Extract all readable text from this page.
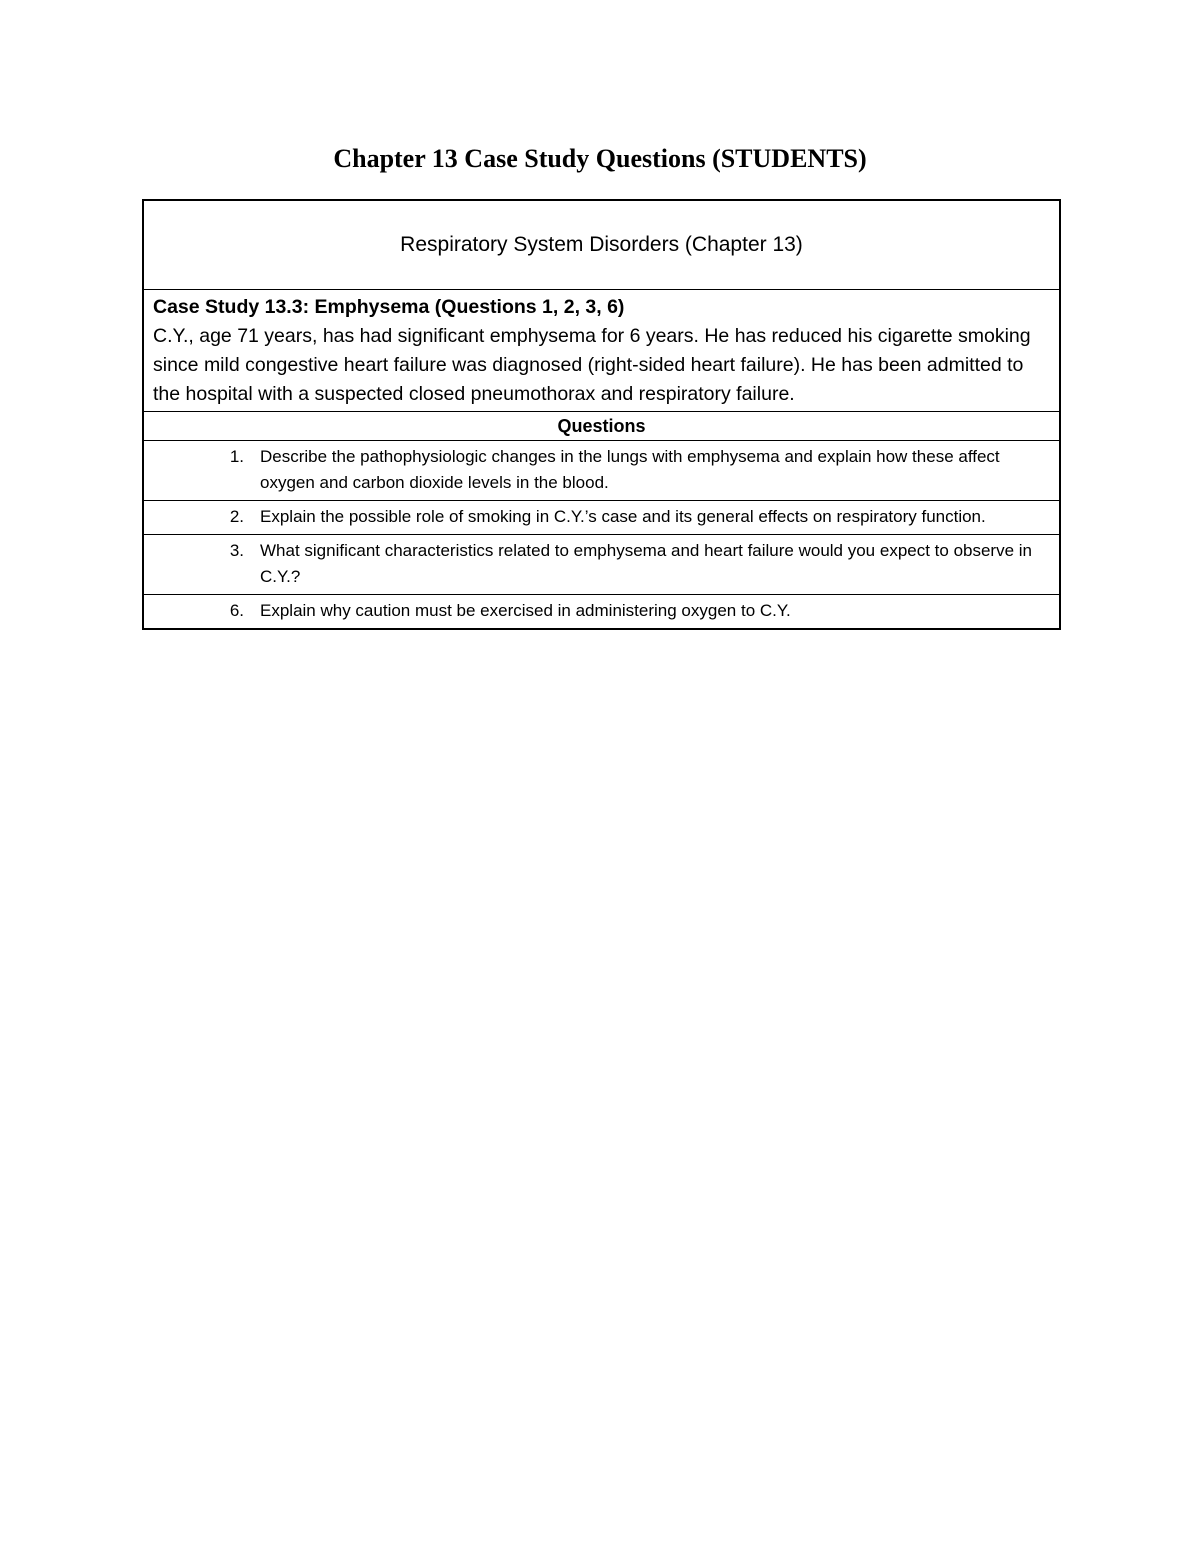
Chapter 13 Case Study Questions (STUDENTS)
Respiratory System Disorders (Chapter 13)
Case Study 13.3: Emphysema (Questions 1, 2, 3, 6)
C.Y., age 71 years, has had significant emphysema for 6 years. He has reduced his cigarette smoking since mild congestive heart failure was diagnosed (right-sided heart failure). He has been admitted to the hospital with a suspected closed pneumothorax and respiratory failure.
Questions
1. Describe the pathophysiologic changes in the lungs with emphysema and explain how these affect oxygen and carbon dioxide levels in the blood.
2. Explain the possible role of smoking in C.Y.’s case and its general effects on respiratory function.
3. What significant characteristics related to emphysema and heart failure would you expect to observe in C.Y.?
6. Explain why caution must be exercised in administering oxygen to C.Y.
